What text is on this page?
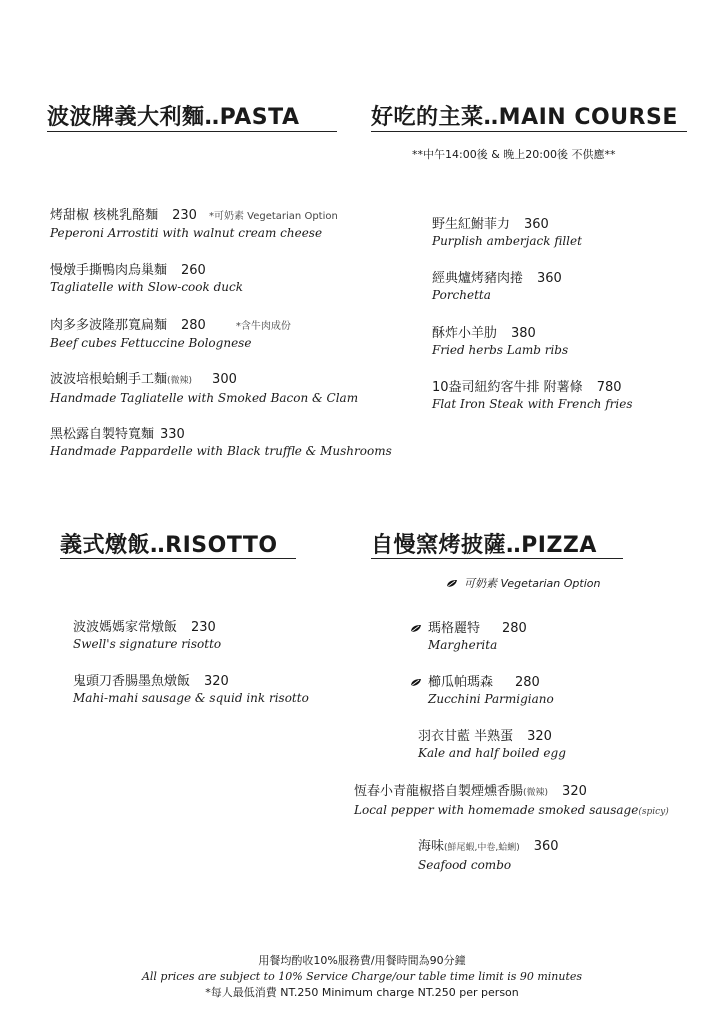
波波牌義大利麵‥PASTA
烤甜椒 核桃乳酪麵 230 *可奶素 Vegetarian Option
Peperoni Arrostiti with walnut cream cheese
慢燉手撕鴨肉烏巢麵 260
Tagliatelle with Slow-cook duck
肉多多波隆那寬扁麵 280	*含牛肉成份
Beef cubes Fettuccine Bolognese
波波培根蛤蜊手工麵(微辣) 300
Handmade Tagliatelle with Smoked Bacon & Clam
黑松露自製特寬麵 330
Handmade Pappardelle with Black truffle & Mushrooms
好吃的主菜‥MAIN COURSE
**中午14:00後 & 晚上20:00後 不供應**
野生紅鮒菲力 360
Purplish amberjack fillet
經典爐烤豬肉捲 360
Porchetta
酥炸小羊肋 380
Fried herbs Lamb ribs
10盎司紐約客牛排 附薯條 780
Flat Iron Steak with French fries
義式燉飯‥RISOTTO
波波媽媽家常燉飯 230
Swell's signature risotto
鬼頭刀香腸墨魚燉飯 320
Mahi-mahi sausage & squid ink risotto
自慢窯烤披薩‥PIZZA
可奶素 Vegetarian Option
瑪格麗特 280
Margherita
櫛瓜帕瑪森 280
Zucchini Parmigiano
羽衣甘藍 半熟蛋 320
Kale and half boiled egg
恆春小青龍椒搭自製煙燻香腸(微辣) 320
Local pepper with homemade smoked sausage(spicy)
海味(鮮尾蝦,中卷,蛤蜊) 360
Seafood combo
用餐均酌收10%服務費/用餐時間為90分鐘
All prices are subject to 10% Service Charge/our table time limit is 90 minutes
*每人最低消費 NT.250 Minimum charge NT.250 per person
